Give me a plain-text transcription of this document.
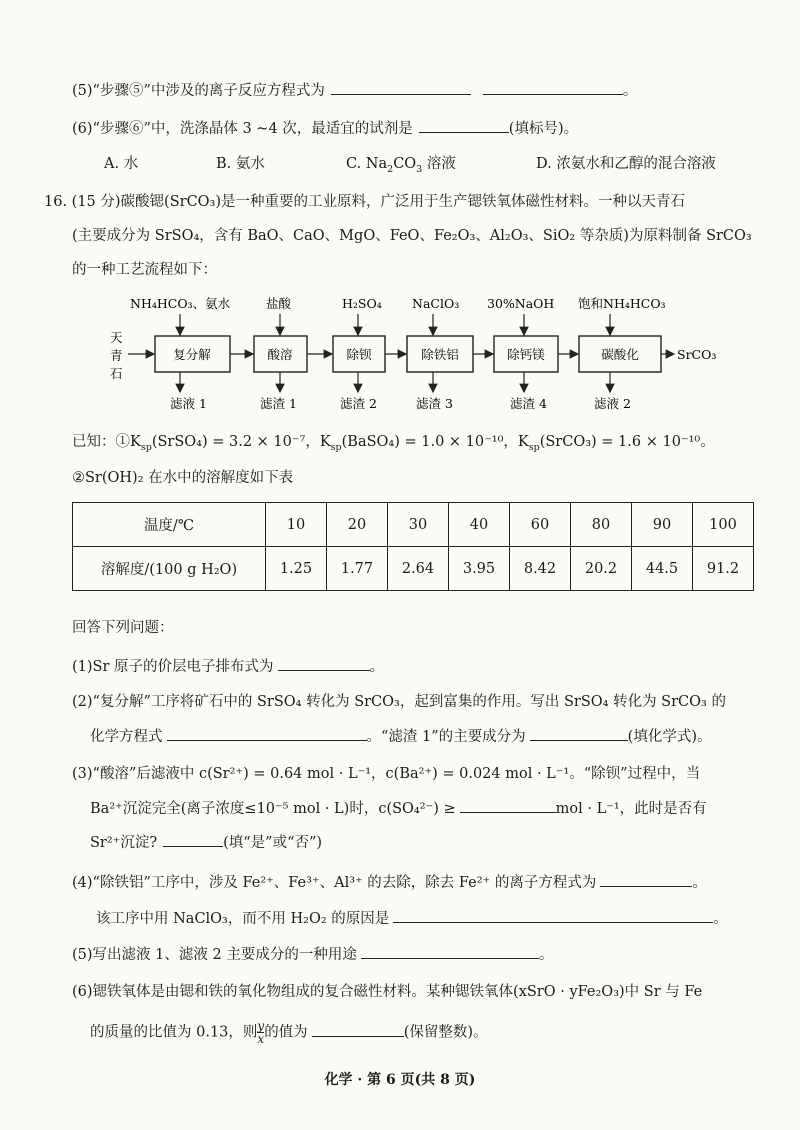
(5)“步骤⑤”中涉及的离子反应方程式为	。
(6)“步骤⑥”中，洗涤晶体 3 ~4 次，最适宜的试剂是	(填标号)。
A. 水	B. 氨水	C. $Na_2CO_3$ 溶液	D. 浓氨水和乙醇的混合溶液
16. (15 分)碳酸锶(SrCO₃)是一种重要的工业原料，广泛用于生产锶铁氧体磁性材料。一种以天青石
(主要成分为 SrSO₄，含有 BaO、CaO、MgO、FeO、Fe₂O₃、Al₂O₃、SiO₂ 等杂质)为原料制备 SrCO₃
的一种工艺流程如下：
天
青
石
NH₄HCO₃、氨水
复分解
滤液 1
盐酸
酸溶
滤渣 1
H₂SO₄
除钡
滤渣 2
NaClO₃
除铁铝
滤渣 3
30%NaOH
除钙镁
滤渣 4
饱和NH₄HCO₃
碳酸化
滤液 2
SrCO₃
已知：$①K_{sp}(SrSO_4) = 3.2 \times 10^{-7}$，$K_{sp}(BaSO_4) = 1.0 \times 10^{-10}$，$K_{sp}(SrCO_3) = 1.6 \times 10^{-10}$。
②Sr(OH)₂ 在水中的溶解度如下表
温度/℃	10	20	30	40	60	80	90	100
溶解度/(100 g H₂O)	1.25	1.77	2.64	3.95	8.42	20.2	44.5	91.2
回答下列问题：
(1)Sr 原子的价层电子排布式为	。
(2)“复分解”工序将矿石中的 SrSO₄ 转化为 SrCO₃，起到富集的作用。写出 SrSO₄ 转化为 SrCO₃ 的
化学方程式	。“滤渣 1”的主要成分为	(填化学式)。
(3)“酸溶”后滤液中 c(Sr²⁺) = 0.64 mol · L⁻¹，c(Ba²⁺) = 0.024 mol · L⁻¹。“除钡”过程中，当
Ba²⁺沉淀完全(离子浓度≤10⁻⁵ mol · L)时，c(SO₄²⁻) ≥	mol · L⁻¹，此时是否有
Sr²⁺沉淀?	(填“是”或“否”)
(4)“除铁铝”工序中，涉及 Fe²⁺、Fe³⁺、Al³⁺ 的去除，除去 Fe²⁺ 的离子方程式为	。
该工序中用 NaClO₃，而不用 H₂O₂ 的原因是	。
(5)写出滤液 1、滤液 2 主要成分的一种用途	。
(6)锶铁氧体是由锶和铁的氧化物组成的复合磁性材料。某种锶铁氧体(xSrO · yFe₂O₃)中 Sr 与 Fe
的质量的比值为 0.13，则 $\frac{y}{x}$ 的值为	(保留整数)。
化学 · 第 6 页(共 8 页)
